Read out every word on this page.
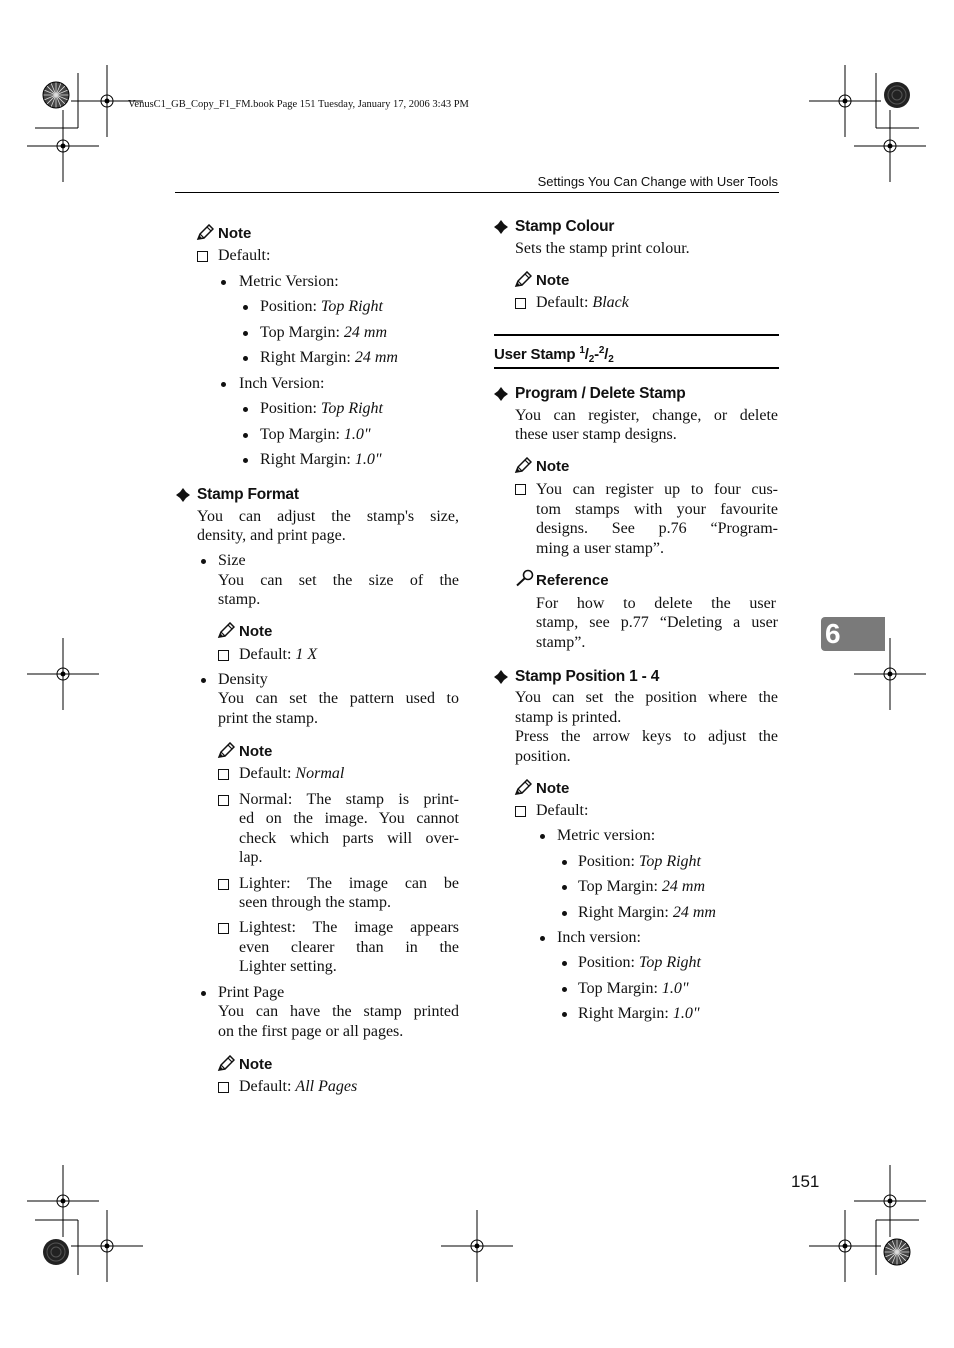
VenusC1_GB_Copy_F1_FM.book Page 151 Tuesday, January 17, 2006 3:43 PM
Settings You Can Change with User Tools
6
151
Note
Default:
Metric Version:
Position: Top Right
Top Margin: 24 mm
Right Margin: 24 mm
Inch Version:
Position: Top Right
Top Margin: 1.0"
Right Margin: 1.0"
Stamp Format
You can adjust the stamp's size,
density, and print page.
Size
You can set the size of the
stamp.
Note
Default: 1 X
Density
You can set the pattern used to
print the stamp.
Note
Default: Normal
Normal: The stamp is print-
ed on the image. You cannot
check which parts will over-
lap.
Lighter: The image can be
seen through the stamp.
Lightest: The image appears
even clearer than in the
Lighter setting.
Print Page
You can have the stamp printed
on the first page or all pages.
Note
Default: All Pages
Stamp Colour
Sets the stamp print colour.
Note
Default: Black
User Stamp $^1/_2-^2/_2$
Program / Delete Stamp
You can register, change, or delete
these user stamp designs.
Note
You can register up to four cus-
tom stamps with your favourite
designs. See p.76 “Program-
ming a user stamp”.
Reference
For how to delete the user
stamp, see p.77 “Deleting a user
stamp”.
Stamp Position 1 - 4
You can set the position where the
stamp is printed.
Press the arrow keys to adjust the
position.
Note
Default:
Metric version:
Position: Top Right
Top Margin: 24 mm
Right Margin: 24 mm
Inch version:
Position: Top Right
Top Margin: 1.0"
Right Margin: 1.0"
